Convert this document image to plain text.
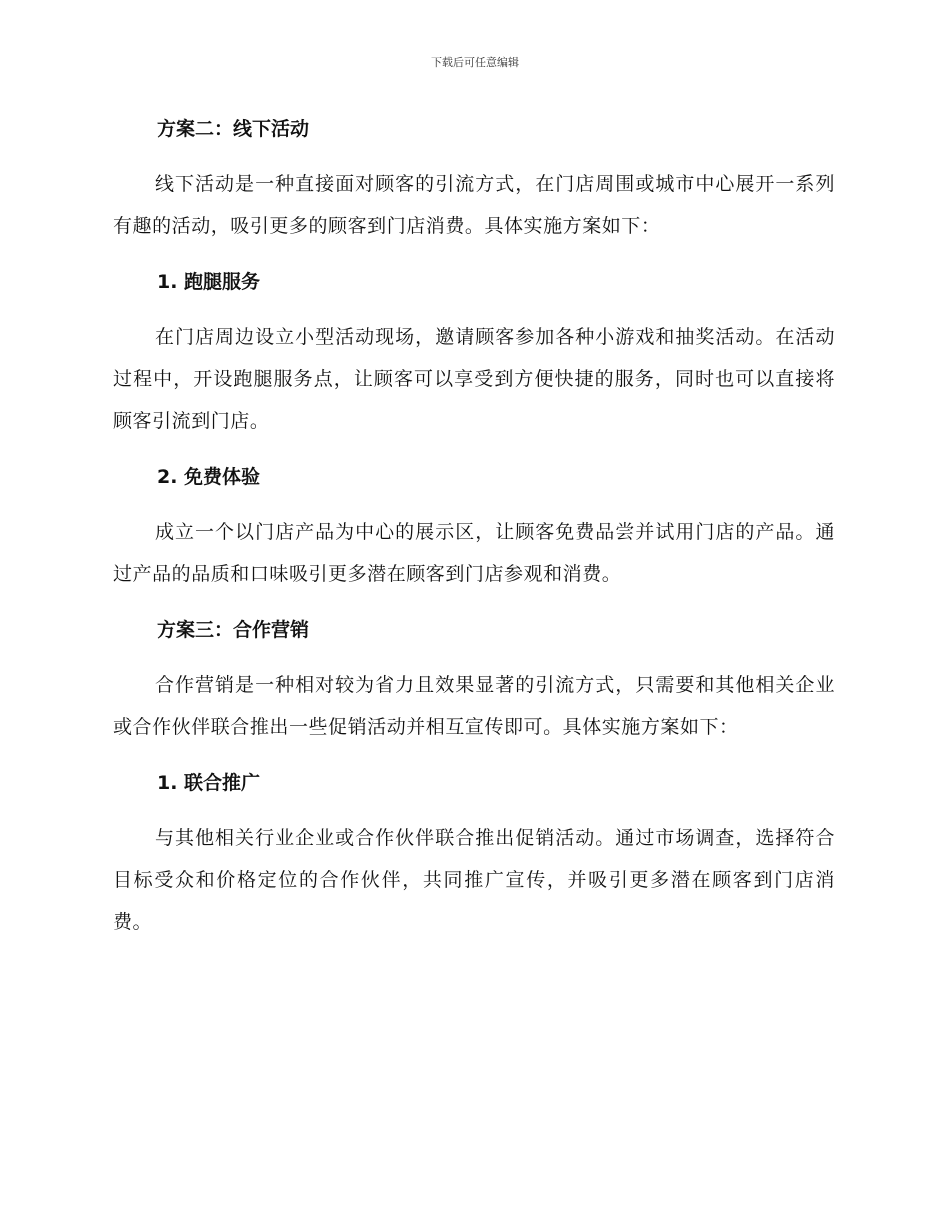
下载后可任意编辑
方案二：线下活动

线下活动是一种直接面对顾客的引流方式，在门店周围或城市中心展开一系列有趣的活动，吸引更多的顾客到门店消费。具体实施方案如下：

1. 跑腿服务

在门店周边设立小型活动现场，邀请顾客参加各种小游戏和抽奖活动。在活动过程中，开设跑腿服务点，让顾客可以享受到方便快捷的服务，同时也可以直接将顾客引流到门店。

2. 免费体验

成立一个以门店产品为中心的展示区，让顾客免费品尝并试用门店的产品。通过产品的品质和口味吸引更多潜在顾客到门店参观和消费。

方案三：合作营销

合作营销是一种相对较为省力且效果显著的引流方式，只需要和其他相关企业或合作伙伴联合推出一些促销活动并相互宣传即可。具体实施方案如下：

1. 联合推广

与其他相关行业企业或合作伙伴联合推出促销活动。通过市场调查，选择符合目标受众和价格定位的合作伙伴，共同推广宣传，并吸引更多潜在顾客到门店消费。
